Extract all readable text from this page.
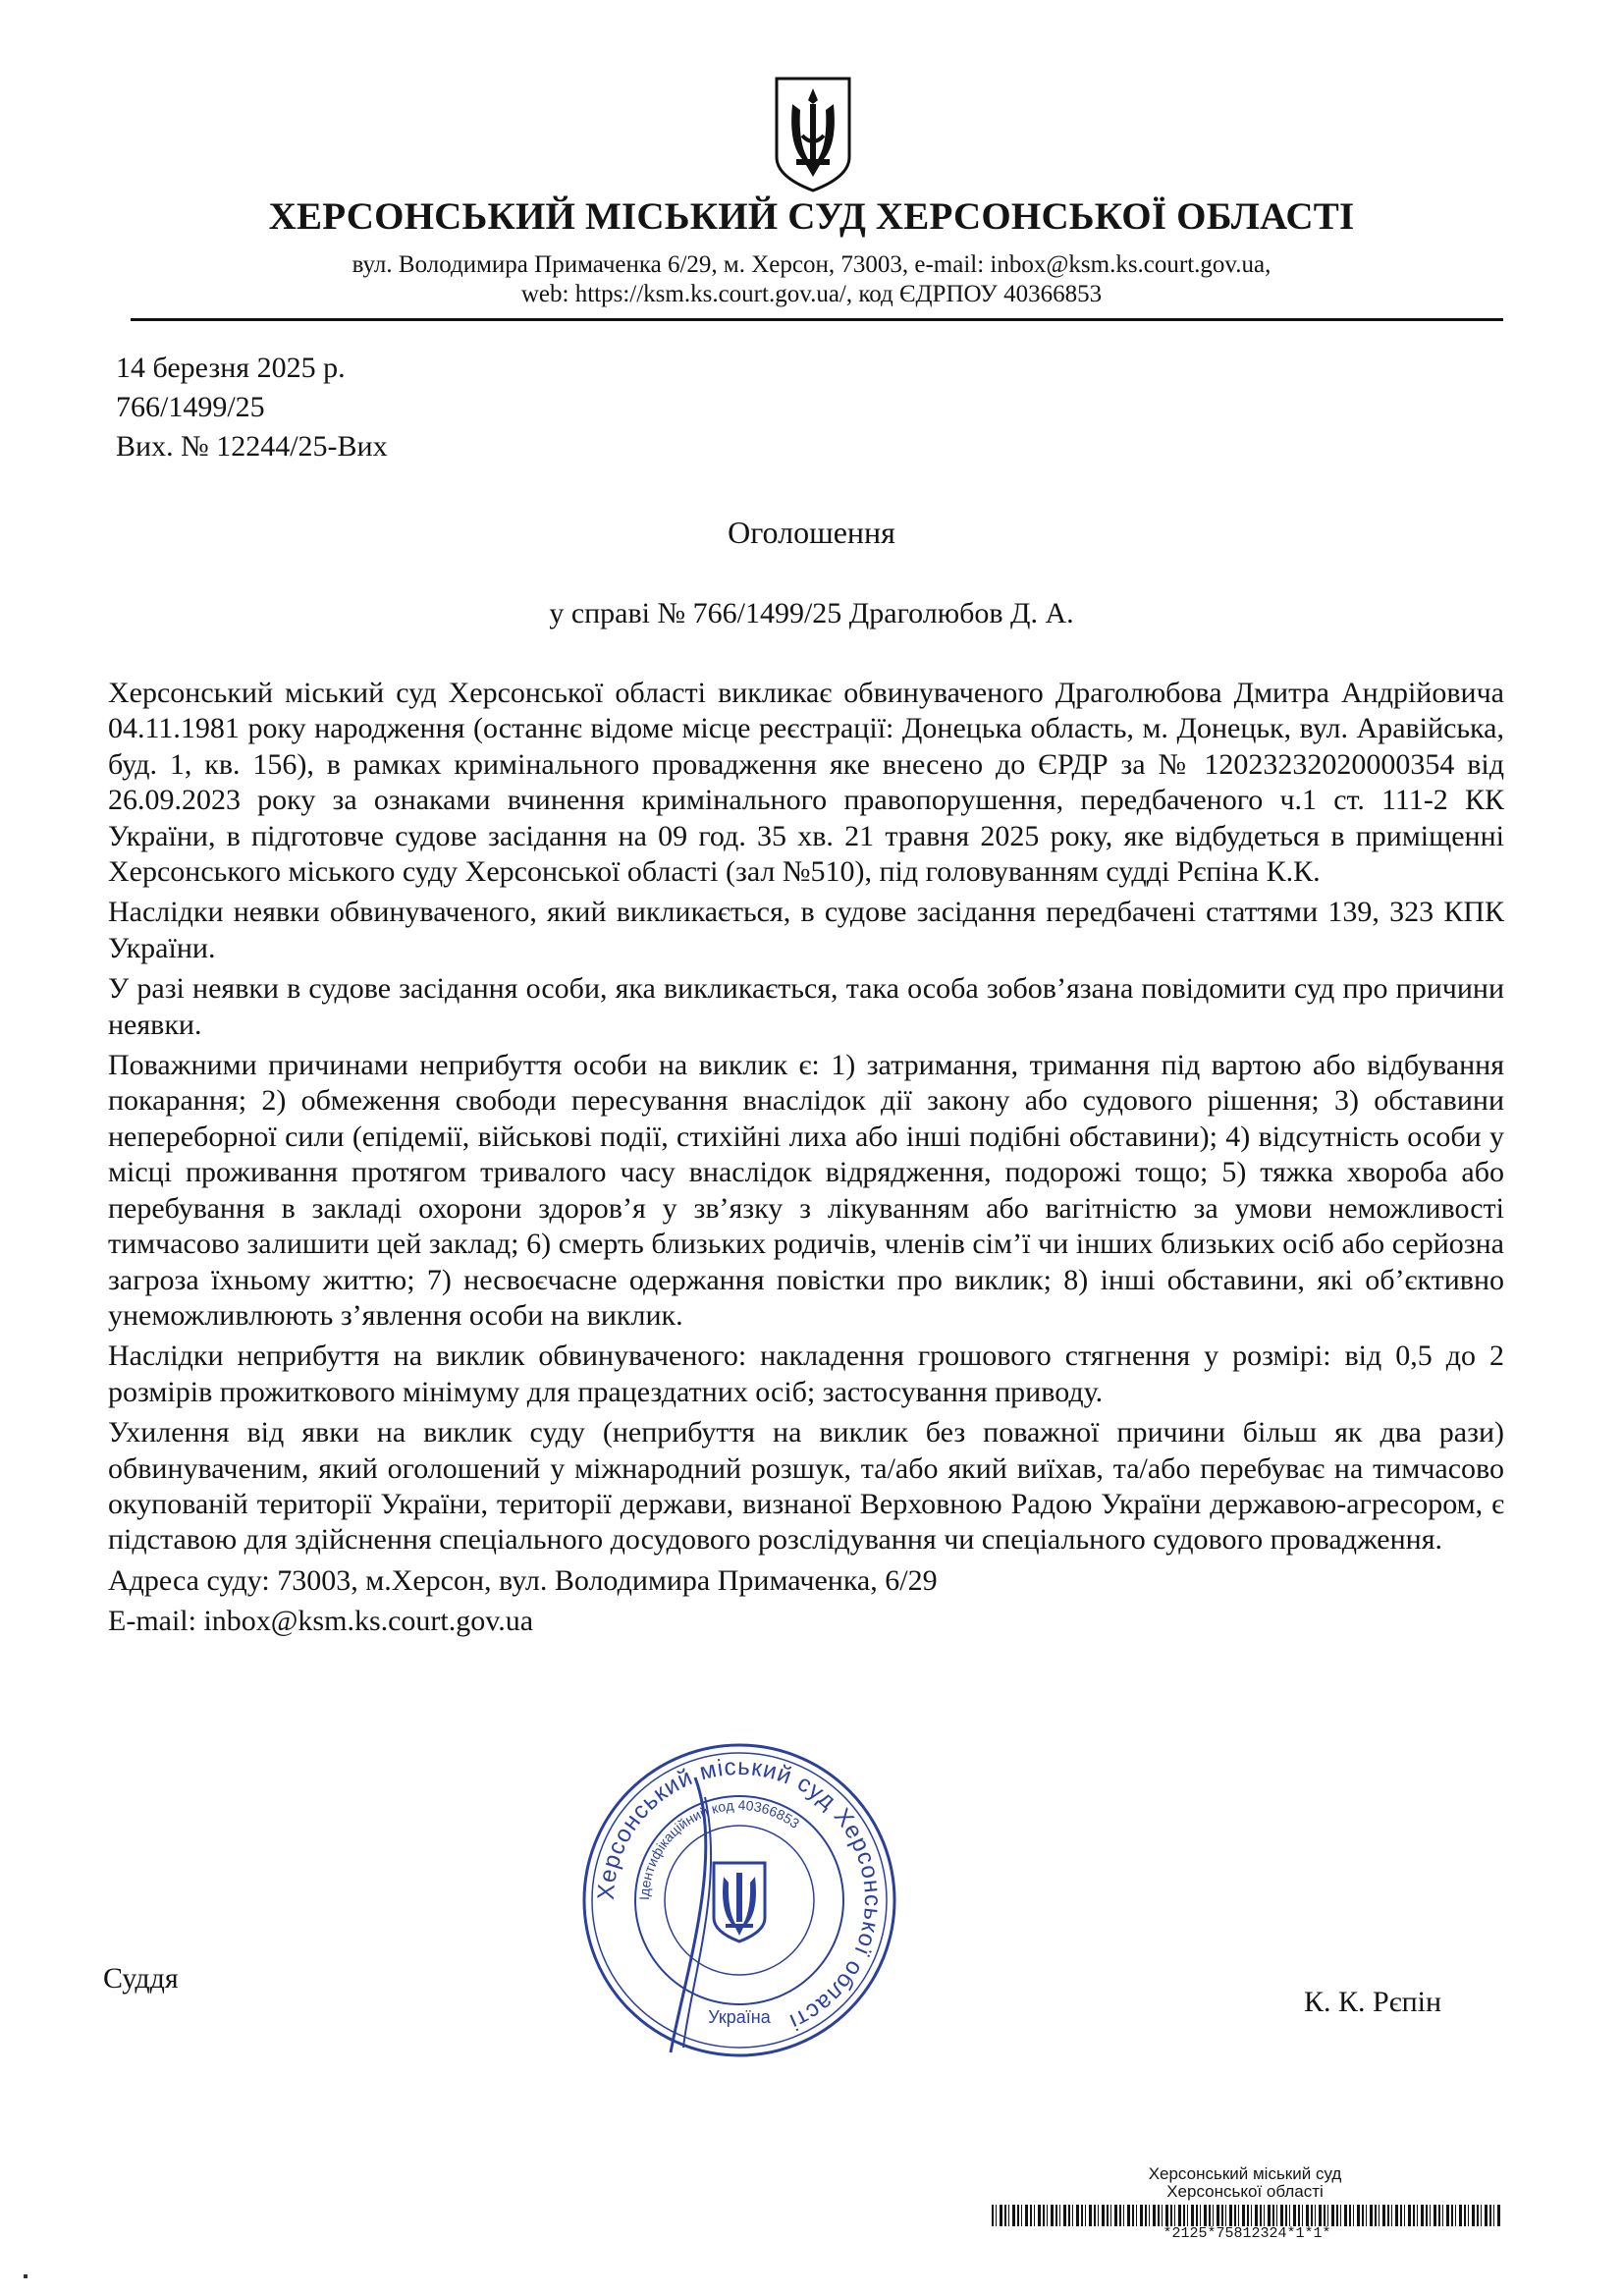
ХЕРСОНСЬКИЙ МІСЬКИЙ СУД ХЕРСОНСЬКОЇ ОБЛАСТІ
вул. Володимира Примаченка 6/29, м. Херсон, 73003, e-mail: inbox@ksm.ks.court.gov.ua,
web: https://ksm.ks.court.gov.ua/, код ЄДРПОУ 40366853
14 березня 2025 р.
766/1499/25
Вих. № 12244/25-Вих
Оголошення
у справі № 766/1499/25 Драголюбов Д. А.

Херсонський міський суд Херсонської області викликає обвинуваченого Драголюбова Дмитра Андрійовича 04.11.1981 року народження (останнє відоме місце реєстрації: Донецька область, м. Донецьк, вул. Аравійська, буд. 1, кв. 156), в рамках кримінального провадження яке внесено до ЄРДР за № 12023232020000354 від 26.09.2023 року за ознаками вчинення кримінального правопорушення, передбаченого ч.1 ст. 111-2 КК України, в підготовче судове засідання на 09 год. 35 хв. 21 травня 2025 року, яке відбудеться в приміщенні Херсонського міського суду Херсонської області (зал №510), під головуванням судді Рєпіна К.К.

Наслідки неявки обвинуваченого, який викликається, в судове засідання передбачені статтями 139, 323 КПК України.

У разі неявки в судове засідання особи, яка викликається, така особа зобов’язана повідомити суд про причини неявки.

Поважними причинами неприбуття особи на виклик є: 1) затримання, тримання під вартою або відбування покарання; 2) обмеження свободи пересування внаслідок дії закону або судового рішення; 3) обставини непереборної сили (епідемії, військові події, стихійні лиха або інші подібні обставини); 4) відсутність особи у місці проживання протягом тривалого часу внаслідок відрядження, подорожі тощо; 5) тяжка хвороба або перебування в закладі охорони здоров’я у зв’язку з лікуванням або вагітністю за умови неможливості тимчасово залишити цей заклад; 6) смерть близьких родичів, членів сім’ї чи інших близьких осіб або серйозна загроза їхньому життю; 7) несвоєчасне одержання повістки про виклик; 8) інші обставини, які об’єктивно унеможливлюють з’явлення особи на виклик.

Наслідки неприбуття на виклик обвинуваченого: накладення грошового стягнення у розмірі: від 0,5 до 2 розмірів прожиткового мінімуму для працездатних осіб; застосування приводу.

Ухилення від явки на виклик суду (неприбуття на виклик без поважної причини більш як два рази) обвинуваченим, який оголошений у міжнародний розшук, та/або який виїхав, та/або перебуває на тимчасово окупованій території України, території держави, визнаної Верховною Радою України державою-агресором, є підставою для здійснення спеціального досудового розслідування чи спеціального судового провадження.

Адреса суду: 73003, м.Херсон, вул. Володимира Примаченка, 6/29

E-mail: inbox@ksm.ks.court.gov.ua

Суддя
К. К. Рєпін
Херсонський міський суд Херсонської області
Ідентифікаційний код 40366853
Україна
Херсонський міський суд
Херсонської області
*2125*75812324*1*1*
